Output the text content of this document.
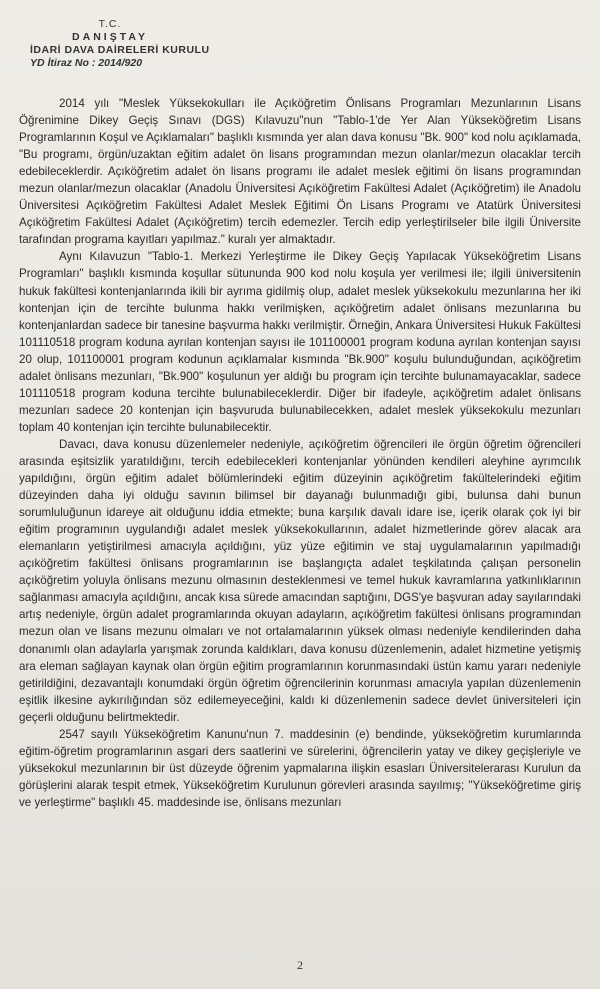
T.C.
DANIŞTAY
İDARİ DAVA DAİRELERİ KURULU
YD İtiraz No : 2014/920

2014 yılı "Meslek Yüksekokulları ile Açıköğretim Önlisans Programları Mezunlarının Lisans Öğrenimine Dikey Geçiş Sınavı (DGS) Kılavuzu"nun "Tablo-1'de Yer Alan Yükseköğretim Lisans Programlarının Koşul ve Açıklamaları" başlıklı kısmında yer alan dava konusu "Bk. 900" kod nolu açıklamada, "Bu programı, örgün/uzaktan eğitim adalet ön lisans programından mezun olanlar/mezun olacaklar tercih edebileceklerdir. Açıköğretim adalet ön lisans programı ile adalet meslek eğitimi ön lisans programından mezun olanlar/mezun olacaklar (Anadolu Üniversitesi Açıköğretim Fakültesi Adalet (Açıköğretim) ile Anadolu Üniversitesi Açıköğretim Fakültesi Adalet Meslek Eğitimi Ön Lisans Programı ve Atatürk Üniversitesi Açıköğretim Fakültesi Adalet (Açıköğretim) tercih edemezler. Tercih edip yerleştirilseler bile ilgili Üniversite tarafından programa kayıtları yapılmaz." kuralı yer almaktadır.

Aynı Kılavuzun "Tablo-1. Merkezi Yerleştirme ile Dikey Geçiş Yapılacak Yükseköğretim Lisans Programları" başlıklı kısmında koşullar sütununda 900 kod nolu koşula yer verilmesi ile; ilgili üniversitenin hukuk fakültesi kontenjanlarında ikili bir ayrıma gidilmiş olup, adalet meslek yüksekokulu mezunlarına her iki kontenjan için de tercihte bulunma hakkı verilmişken, açıköğretim adalet önlisans mezunlarına bu kontenjanlardan sadece bir tanesine başvurma hakkı verilmiştir. Örneğin, Ankara Üniversitesi Hukuk Fakültesi 101110518 program koduna ayrılan kontenjan sayısı ile 101100001 program koduna ayrılan kontenjan sayısı 20 olup, 101100001 program kodunun açıklamalar kısmında "Bk.900" koşulu bulunduğundan, açıköğretim adalet önlisans mezunları, "Bk.900" koşulunun yer aldığı bu program için tercihte bulunamayacaklar, sadece 101110518 program koduna tercihte bulunabileceklerdir. Diğer bir ifadeyle, açıköğretim adalet önlisans mezunları sadece 20 kontenjan için başvuruda bulunabilecekken, adalet meslek yüksekokulu mezunları toplam 40 kontenjan için tercihte bulunabilecektir.

Davacı, dava konusu düzenlemeler nedeniyle, açıköğretim öğrencileri ile örgün öğretim öğrencileri arasında eşitsizlik yaratıldığını, tercih edebilecekleri kontenjanlar yönünden kendileri aleyhine ayrımcılık yapıldığını, örgün eğitim adalet bölümlerindeki eğitim düzeyinin açıköğretim fakültelerindeki eğitim düzeyinden daha iyi olduğu savının bilimsel bir dayanağı bulunmadığı gibi, bulunsa dahi bunun sorumluluğunun idareye ait olduğunu iddia etmekte; buna karşılık davalı idare ise, içerik olarak çok iyi bir eğitim programının uygulandığı adalet meslek yüksekokullarının, adalet hizmetlerinde görev alacak ara elemanların yetiştirilmesi amacıyla açıldığını, yüz yüze eğitimin ve staj uygulamalarının yapılmadığı açıköğretim fakültesi önlisans programlarının ise başlangıçta adalet teşkilatında çalışan personelin açıköğretim yoluyla önlisans mezunu olmasının desteklenmesi ve temel hukuk kavramlarına yatkınlıklarının sağlanması amacıyla açıldığını, ancak kısa sürede amacından saptığını, DGS'ye başvuran aday sayılarındaki artış nedeniyle, örgün adalet programlarında okuyan adayların, açıköğretim fakültesi önlisans programından mezun olan ve lisans mezunu olmaları ve not ortalamalarının yüksek olması nedeniyle kendilerinden daha donanımlı olan adaylarla yarışmak zorunda kaldıkları, dava konusu düzenlemenin, adalet hizmetine yetişmiş ara eleman sağlayan kaynak olan örgün eğitim programlarının korunmasındaki üstün kamu yararı nedeniyle getirildiğini, dezavantajlı konumdaki örgün öğretim öğrencilerinin korunması amacıyla yapılan düzenlemenin eşitlik ilkesine aykırılığından söz edilemeyeceğini, kaldı ki düzenlemenin sadece devlet üniversiteleri için geçerli olduğunu belirtmektedir.

2547 sayılı Yükseköğretim Kanunu'nun 7. maddesinin (e) bendinde, yükseköğretim kurumlarında eğitim-öğretim programlarının asgari ders saatlerini ve sürelerini, öğrencilerin yatay ve dikey geçişleriyle ve yüksekokul mezunlarının bir üst düzeyde öğrenim yapmalarına ilişkin esasları Üniversitelerarası Kurulun da görüşlerini alarak tespit etmek, Yükseköğretim Kurulunun görevleri arasında sayılmış; "Yükseköğretime giriş ve yerleştirme" başlıklı 45. maddesinde ise, önlisans mezunları

2
